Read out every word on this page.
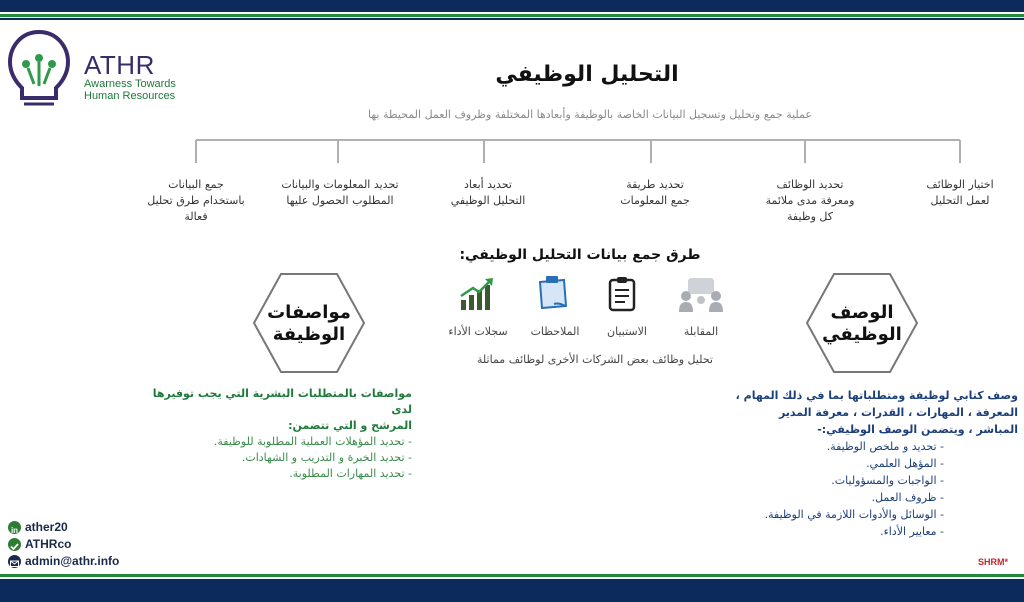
ATHR
Awarness Towards
Human Resources
التحليل الوظيفي
عملية جمع وتحليل وتسجيل البيانات الخاصة بالوظيفة وأبعادها المختلفة وظروف العمل المحيطة بها
اختيار الوظائف
لعمل التحليل
تحديد الوظائف
ومعرفة مدى ملائمة
كل وظيفة
تحديد طريقة
جمع المعلومات
تحديد أبعاد
التحليل الوظيفي
تحديد المعلومات والبيانات
المطلوب الحصول عليها
جمع البيانات
باستخدام طرق تحليل
فعالة
طرق جمع بيانات التحليل الوظيفي:
المقابلة
الاستبيان
الملاحظات
سجلات الأداء
تحليل وظائف بعض الشركات الأخرى لوظائف مماثلة
مواصفات
الوظيفة
الوصف
الوظيفي
مواصفات بالمتطلبات البشرية التي يجب توفيرها لدى
المرشح و التي تتضمن:
- تحديد المؤهلات العملية المطلوبة للوظيفة.
- تحديد الخبرة و التدريب و الشهادات.
- تحديد المهارات المطلوبة.
وصف كتابي لوظيفة ومتطلباتها بما في ذلك المهام ،
المعرفة ، المهارات ، القدرات ، معرفة المدير
المباشر ، ويتضمن الوصف الوظيفي:-
- تحديد و ملخص الوظيفة.
- المؤهل العلمي.
- الواجبات والمسؤوليات.
- ظروف العمل.
- الوسائل والأدوات اللازمة في الوظيفة.
- معايير الأداء.
in ather20
ATHRco
admin@athr.info	SHRM*
